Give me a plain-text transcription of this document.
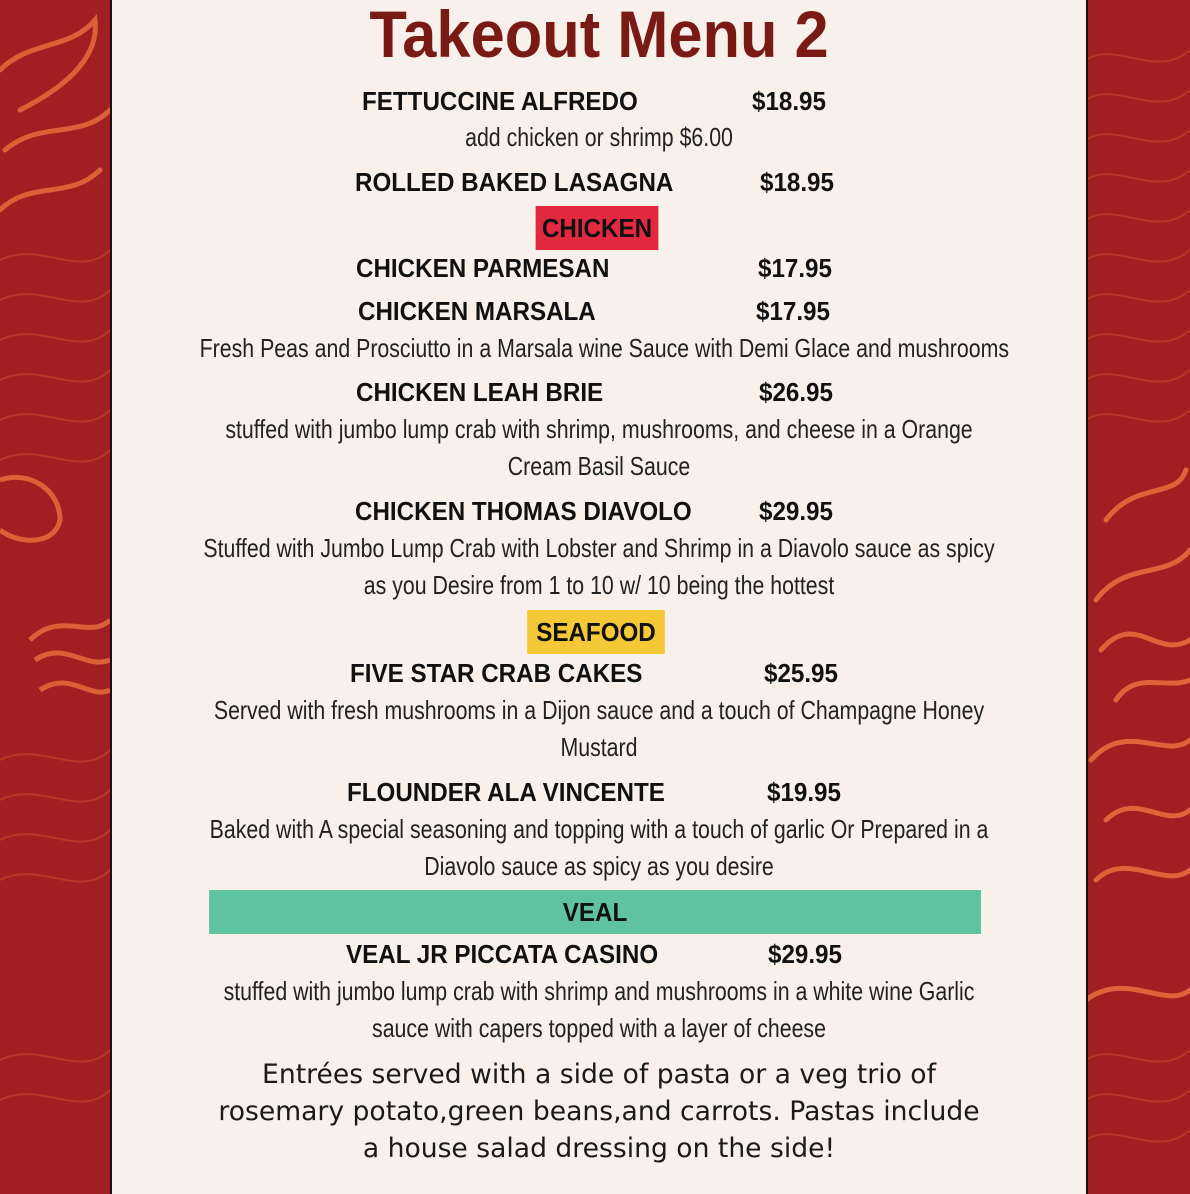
Takeout Menu 2
FETTUCCINE ALFREDO	$18.95
add chicken or shrimp $6.00
ROLLED BAKED LASAGNA	$18.95
CHICKEN
CHICKEN PARMESAN	$17.95
CHICKEN MARSALA	$17.95
Fresh Peas and Prosciutto in a Marsala wine Sauce with Demi Glace and mushrooms
CHICKEN LEAH BRIE	$26.95
stuffed with jumbo lump crab with shrimp, mushrooms, and cheese in a Orange
Cream Basil Sauce
CHICKEN THOMAS DIAVOLO	$29.95
Stuffed with Jumbo Lump Crab with Lobster and Shrimp in a Diavolo sauce as spicy
as you Desire from 1 to 10 w/ 10 being the hottest
SEAFOOD
FIVE STAR CRAB CAKES	$25.95
Served with fresh mushrooms in a Dijon sauce and a touch of Champagne Honey
Mustard
FLOUNDER ALA VINCENTE	$19.95
Baked with A special seasoning and topping with a touch of garlic Or Prepared in a
Diavolo sauce as spicy as you desire
VEAL
VEAL JR PICCATA CASINO	$29.95
stuffed with jumbo lump crab with shrimp and mushrooms in a white wine Garlic
sauce with capers topped with a layer of cheese
Entrées served with a side of pasta or a veg trio of
rosemary potato,green beans,and carrots. Pastas include
a house salad dressing on the side!
